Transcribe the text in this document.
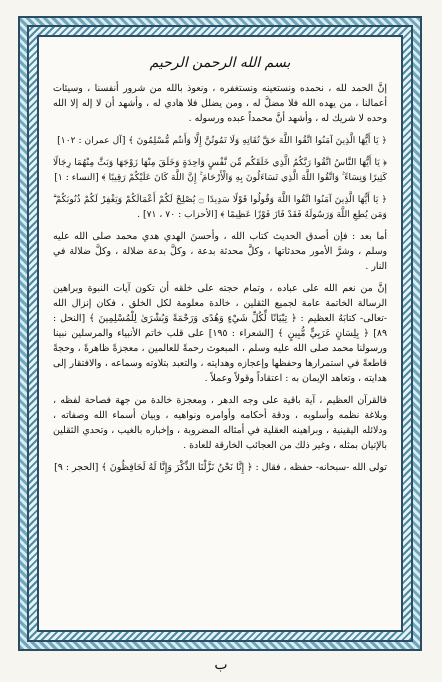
بسم الله الرحمن الرحيم

إنَّ الحمد لله ، نحمده ونستعينه ونستغفره ، ونعوذ بالله من شرور أنفسنا ، وسيئات أعمالنا ، من يهده الله فلا مضلَّ له ، ومن يضلل فلا هادي له ، وأشهد أن لا إله إلا الله وحده لا شريك له ، وأشهد أنَّ محمداً عبده ورسوله .

﴿ يَا أَيُّهَا الَّذِينَ آمَنُوا اتَّقُوا اللَّهَ حَقَّ تُقَاتِهِ وَلَا تَمُوتُنَّ إِلَّا وَأَنتُم مُّسْلِمُونَ ﴾ [آل عمران : ١٠٢]

﴿ يَا أَيُّهَا النَّاسُ اتَّقُوا رَبَّكُمُ الَّذِي خَلَقَكُم مِّن نَّفْسٍ وَاحِدَةٍ وَخَلَقَ مِنْهَا زَوْجَهَا وَبَثَّ مِنْهُمَا رِجَالًا كَثِيرًا وَنِسَاءً ۚ وَاتَّقُوا اللَّهَ الَّذِي تَسَاءَلُونَ بِهِ وَالْأَرْحَامَ ۚ إِنَّ اللَّهَ كَانَ عَلَيْكُمْ رَقِيبًا ﴾ [النساء : ١]

﴿ يَا أَيُّهَا الَّذِينَ آمَنُوا اتَّقُوا اللَّهَ وَقُولُوا قَوْلًا سَدِيدًا ۝ يُصْلِحْ لَكُمْ أَعْمَالَكُمْ وَيَغْفِرْ لَكُمْ ذُنُوبَكُمْ ۗ وَمَن يُطِعِ اللَّهَ وَرَسُولَهُ فَقَدْ فَازَ فَوْزًا عَظِيمًا ﴾ [الأحزاب : ٧٠ ، ٧١] .

أما بعد : فإن أصدق الحديث كتاب الله ، وأحسنَ الهدي هدي محمد صلى الله عليه وسلم ، وشرَّ الأمور محدثاتها ، وكلَّ محدثة بدعة ، وكلَّ بدعة ضلالة ، وكلَّ ضلالة في النار .

إنَّ من نعم الله على عباده ، وتمام حجته على خلقه أن تكون آيات النبوة وبراهين الرسالة الخاتمة عامة لجميع الثقلين ، خالدة معلومة لكل الخلق ، فكان إنزال الله -تعالى- كتابَهُ العظيم : ﴿ تِبْيَانًا لِّكُلِّ شَيْءٍ وَهُدًى وَرَحْمَةً وَبُشْرَىٰ لِلْمُسْلِمِينَ ﴾ [النحل : ٨٩] ﴿ بِلِسَانٍ عَرَبِيٍّ مُّبِينٍ ﴾ [الشعراء : ١٩٥] على قلب خاتم الأنبياء والمرسلين نبينا ورسولنا محمد صلى الله عليه وسلم ، المبعوث رحمةً للعالمين ، معجزةً ظاهرةً ، وحجةً قاطعةً في استمرارها وحفظها وإعجازه وهدايته ، والتعبد بتلاوته وسماعه ، والافتقار إلى هدايته ، وتعاهد الإيمان به : اعتقاداً وقولاً وعملاً .

فالقرآن العظيم ، آية باقية على وجه الدهر ، ومعجزة خالدة من جهة فصاحة لفظه ، وبلاغة نظمه وأسلوبه ، ودقة أحكامه وأوامره ونواهيه ، وبيان أسماء الله وصفاته ، ودلائله اليقينية ، وبراهينه العقلية في أمثاله المضروبة ، وإخباره بالغيب ، وتحدي الثقلين بالإتيان بمثله ، وغير ذلك من العجائب الخارقة للعادة .

تولى الله -سبحانه- حفظه ، فقال : ﴿ إِنَّا نَحْنُ نَزَّلْنَا الذِّكْرَ وَإِنَّا لَهُ لَحَافِظُونَ ﴾ [الحجر : ٩]

ب
